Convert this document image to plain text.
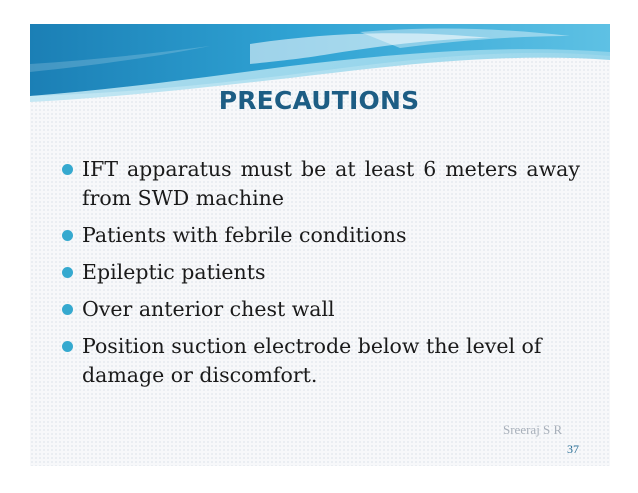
PRECAUTIONS
IFT apparatus must be at least 6 meters away from SWD machine
Patients with febrile conditions
Epileptic patients
Over anterior chest wall
Position suction electrode below the level of damage or discomfort.
Sreeraj S R
37
